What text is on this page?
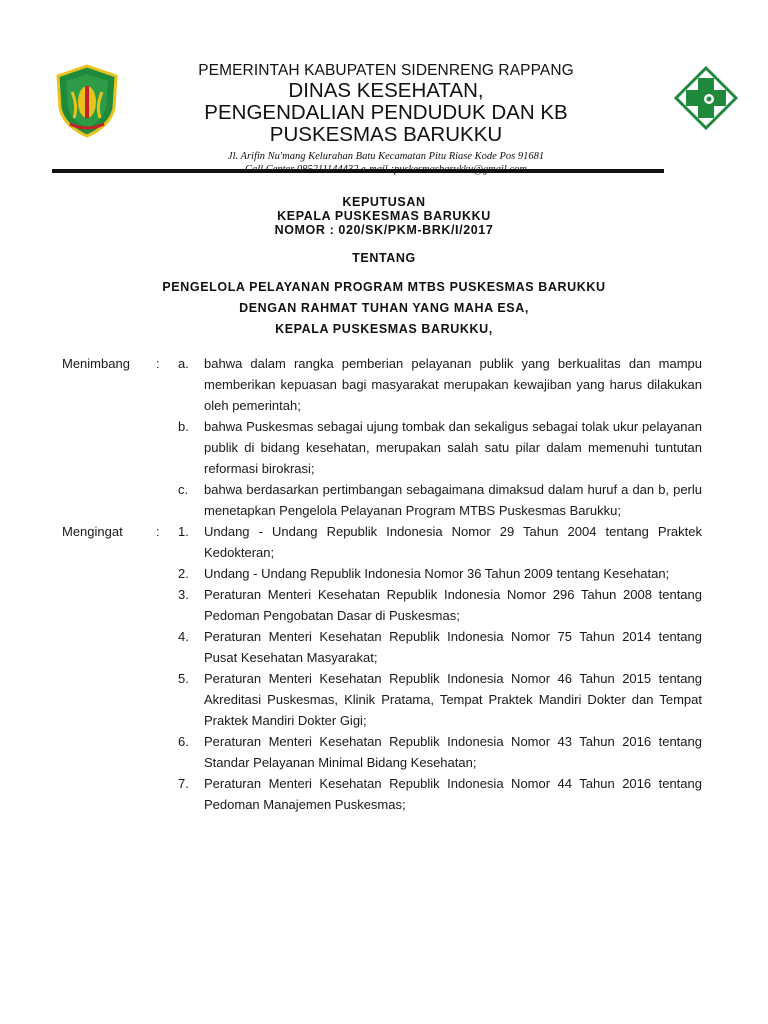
PEMERINTAH KABUPATEN SIDENRENG RAPPANG
DINAS KESEHATAN,
PENGENDALIAN PENDUDUK DAN KB
PUSKESMAS BARUKKU
Jl. Arifin Nu'mang Kelurahan Batu Kecamatan Pitu Riase Kode Pos 91681
KEPUTUSAN
KEPALA PUSKESMAS BARUKKU
NOMOR : 020/SK/PKM-BRK/I/2017
TENTANG
PENGELOLA PELAYANAN PROGRAM MTBS PUSKESMAS BARUKKU
DENGAN RAHMAT TUHAN YANG MAHA ESA,
KEPALA PUSKESMAS BARUKKU,
Menimbang	:	a.	bahwa dalam rangka pemberian pelayanan publik yang berkualitas dan mampu memberikan kepuasan bagi masyarakat merupakan kewajiban yang harus dilakukan oleh pemerintah;
b.	bahwa Puskesmas sebagai ujung tombak dan sekaligus sebagai tolak ukur pelayanan publik di bidang kesehatan, merupakan salah satu pilar dalam memenuhi tuntutan reformasi birokrasi;
c.	bahwa berdasarkan pertimbangan sebagaimana dimaksud dalam huruf a dan b, perlu menetapkan Pengelola Pelayanan Program MTBS Puskesmas Barukku;
Mengingat	:	1.	Undang - Undang Republik Indonesia Nomor 29 Tahun 2004 tentang Praktek Kedokteran;
2.	Undang - Undang Republik Indonesia Nomor 36 Tahun 2009 tentang Kesehatan;
3.	Peraturan Menteri Kesehatan Republik Indonesia Nomor 296 Tahun 2008 tentang Pedoman Pengobatan Dasar di Puskesmas;
4.	Peraturan Menteri Kesehatan Republik Indonesia Nomor 75 Tahun 2014 tentang Pusat Kesehatan Masyarakat;
5.	Peraturan Menteri Kesehatan Republik Indonesia Nomor 46 Tahun 2015 tentang Akreditasi Puskesmas, Klinik Pratama, Tempat Praktek Mandiri Dokter dan Tempat Praktek Mandiri Dokter Gigi;
6.	Peraturan Menteri Kesehatan Republik Indonesia Nomor 43 Tahun 2016 tentang Standar Pelayanan Minimal Bidang Kesehatan;
7.	Peraturan Menteri Kesehatan Republik Indonesia Nomor 44 Tahun 2016 tentang Pedoman Manajemen Puskesmas;
